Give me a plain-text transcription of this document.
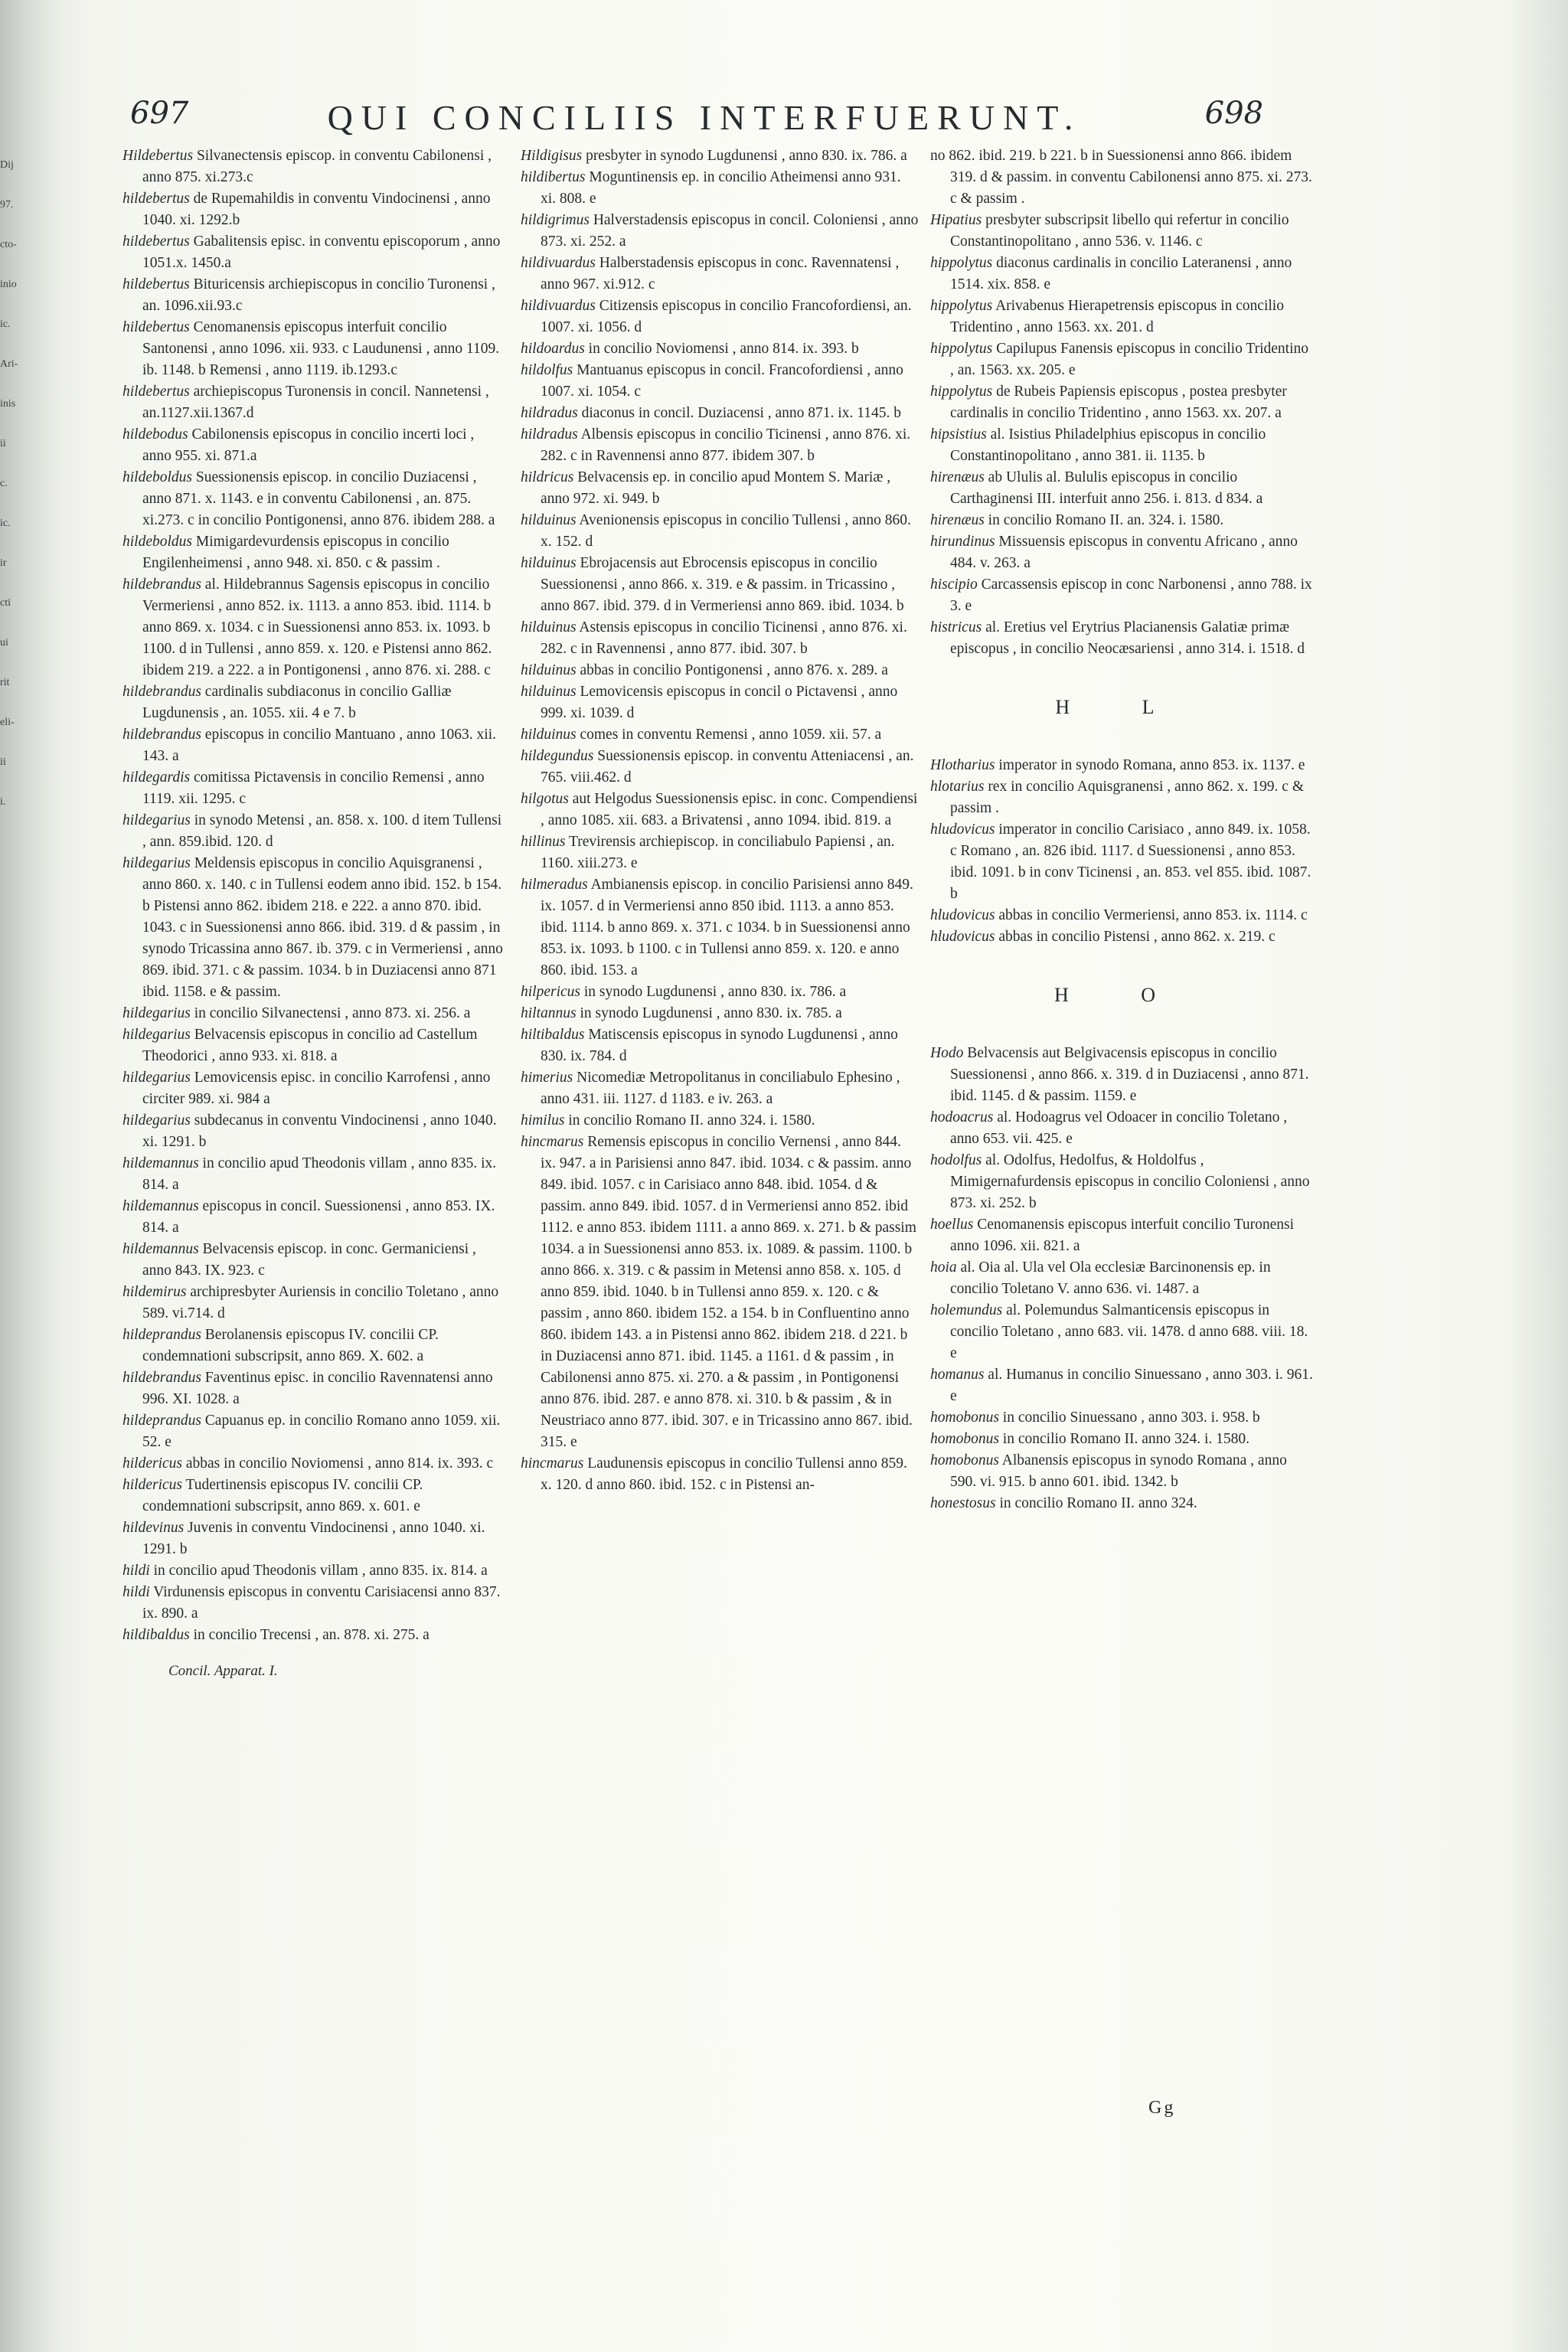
Dij
97.
cto-
inio
ic.
Ari-
inis
ii
c.
ic.
ir
cti
ui
rit
eli-
ii
i.
697	QUI CONCILIIS INTERFUERUNT.	698

Hildebertus Silvanectensis episcop. in conventu Cabilonensi , anno 875. xi.273.c

hildebertus de Rupemahildis in conventu Vindocinensi , anno 1040. xi. 1292.b

hildebertus Gabalitensis episc. in conventu episcoporum , anno 1051.x. 1450.a

hildebertus Bituricensis archiepiscopus in concilio Turonensi , an. 1096.xii.93.c

hildebertus Cenomanensis episcopus interfuit concilio Santonensi , anno 1096. xii. 933. c Laudunensi , anno 1109. ib. 1148. b Remensi , anno 1119. ib.1293.c

hildebertus archiepiscopus Turonensis in concil. Nannetensi , an.1127.xii.1367.d

hildebodus Cabilonensis episcopus in concilio incerti loci , anno 955. xi. 871.a

hildeboldus Suessionensis episcop. in concilio Duziacensi , anno 871. x. 1143. e in conventu Cabilonensi , an. 875. xi.273. c in concilio Pontigonensi, anno 876. ibidem 288. a

hildeboldus Mimigardevurdensis episcopus in concilio Engilenheimensi , anno 948. xi. 850. c & passim .

hildebrandus al. Hildebrannus Sagensis episcopus in concilio Vermeriensi , anno 852. ix. 1113. a anno 853. ibid. 1114. b anno 869. x. 1034. c in Suessionensi anno 853. ix. 1093. b 1100. d in Tullensi , anno 859. x. 120. e Pistensi anno 862. ibidem 219. a 222. a in Pontigonensi , anno 876. xi. 288. c

hildebrandus cardinalis subdiaconus in concilio Galliæ Lugdunensis , an. 1055. xii. 4 e 7. b

hildebrandus episcopus in concilio Mantuano , anno 1063. xii. 143. a

hildegardis comitissa Pictavensis in concilio Remensi , anno 1119. xii. 1295. c

hildegarius in synodo Metensi , an. 858. x. 100. d item Tullensi , ann. 859.ibid. 120. d

hildegarius Meldensis episcopus in concilio Aquisgranensi , anno 860. x. 140. c in Tullensi eodem anno ibid. 152. b 154. b Pistensi anno 862. ibidem 218. e 222. a anno 870. ibid. 1043. c in Suessionensi anno 866. ibid. 319. d & passim , in synodo Tricassina anno 867. ib. 379. c in Vermeriensi , anno 869. ibid. 371. c & passim. 1034. b in Duziacensi anno 871 ibid. 1158. e & passim.

hildegarius in concilio Silvanectensi , anno 873. xi. 256. a

hildegarius Belvacensis episcopus in concilio ad Castellum Theodorici , anno 933. xi. 818. a

hildegarius Lemovicensis episc. in concilio Karrofensi , anno circiter 989. xi. 984 a

hildegarius subdecanus in conventu Vindocinensi , anno 1040. xi. 1291. b

hildemannus in concilio apud Theodonis villam , anno 835. ix. 814. a

hildemannus episcopus in concil. Suessionensi , anno 853. IX. 814. a

hildemannus Belvacensis episcop. in conc. Germaniciensi , anno 843. IX. 923. c

hildemirus archipresbyter Auriensis in concilio Toletano , anno 589. vi.714. d

hildeprandus Berolanensis episcopus IV. concilii CP. condemnationi subscripsit, anno 869. X. 602. a

hildebrandus Faventinus episc. in concilio Ravennatensi anno 996. XI. 1028. a

hildeprandus Capuanus ep. in concilio Romano anno 1059. xii. 52. e

hildericus abbas in concilio Noviomensi , anno 814. ix. 393. c

hildericus Tudertinensis episcopus IV. concilii CP. condemnationi subscripsit, anno 869. x. 601. e

hildevinus Juvenis in conventu Vindocinensi , anno 1040. xi. 1291. b

hildi in concilio apud Theodonis villam , anno 835. ix. 814. a

hildi Virdunensis episcopus in conventu Carisiacensi anno 837. ix. 890. a

hildibaldus in concilio Trecensi , an. 878. xi. 275. a

Concil. Apparat. I.

Hildigisus presbyter in synodo Lugdunensi , anno 830. ix. 786. a

hildibertus Moguntinensis ep. in concilio Atheimensi anno 931. xi. 808. e

hildigrimus Halverstadensis episcopus in concil. Coloniensi , anno 873. xi. 252. a

hildivuardus Halberstadensis episcopus in conc. Ravennatensi , anno 967. xi.912. c

hildivuardus Citizensis episcopus in concilio Francofordiensi, an. 1007. xi. 1056. d

hildoardus in concilio Noviomensi , anno 814. ix. 393. b

hildolfus Mantuanus episcopus in concil. Francofordiensi , anno 1007. xi. 1054. c

hildradus diaconus in concil. Duziacensi , anno 871. ix. 1145. b

hildradus Albensis episcopus in concilio Ticinensi , anno 876. xi. 282. c in Ravennensi anno 877. ibidem 307. b

hildricus Belvacensis ep. in concilio apud Montem S. Mariæ , anno 972. xi. 949. b

hilduinus Avenionensis episcopus in concilio Tullensi , anno 860. x. 152. d

hilduinus Ebrojacensis aut Ebrocensis episcopus in concilio Suessionensi , anno 866. x. 319. e & passim. in Tricassino , anno 867. ibid. 379. d in Vermeriensi anno 869. ibid. 1034. b

hilduinus Astensis episcopus in concilio Ticinensi , anno 876. xi. 282. c in Ravennensi , anno 877. ibid. 307. b

hilduinus abbas in concilio Pontigonensi , anno 876. x. 289. a

hilduinus Lemovicensis episcopus in concil o Pictavensi , anno 999. xi. 1039. d

hilduinus comes in conventu Remensi , anno 1059. xii. 57. a

hildegundus Suessionensis episcop. in conventu Atteniacensi , an. 765. viii.462. d

hilgotus aut Helgodus Suessionensis episc. in conc. Compendiensi , anno 1085. xii. 683. a Brivatensi , anno 1094. ibid. 819. a

hillinus Trevirensis archiepiscop. in conciliabulo Papiensi , an. 1160. xiii.273. e

hilmeradus Ambianensis episcop. in concilio Parisiensi anno 849. ix. 1057. d in Vermeriensi anno 850 ibid. 1113. a anno 853. ibid. 1114. b anno 869. x. 371. c 1034. b in Suessionensi anno 853. ix. 1093. b 1100. c in Tullensi anno 859. x. 120. e anno 860. ibid. 153. a

hilpericus in synodo Lugdunensi , anno 830. ix. 786. a

hiltannus in synodo Lugdunensi , anno 830. ix. 785. a

hiltibaldus Matiscensis episcopus in synodo Lugdunensi , anno 830. ix. 784. d

himerius Nicomediæ Metropolitanus in conciliabulo Ephesino , anno 431. iii. 1127. d 1183. e iv. 263. a

himilus in concilio Romano II. anno 324. i. 1580.

hincmarus Remensis episcopus in concilio Vernensi , anno 844. ix. 947. a in Parisiensi anno 847. ibid. 1034. c & passim. anno 849. ibid. 1057. c in Carisiaco anno 848. ibid. 1054. d & passim. anno 849. ibid. 1057. d in Vermeriensi anno 852. ibid 1112. e anno 853. ibidem 1111. a anno 869. x. 271. b & passim 1034. a in Suessionensi anno 853. ix. 1089. & passim. 1100. b anno 866. x. 319. c & passim in Metensi anno 858. x. 105. d anno 859. ibid. 1040. b in Tullensi anno 859. x. 120. c & passim , anno 860. ibidem 152. a 154. b in Confluentino anno 860. ibidem 143. a in Pistensi anno 862. ibidem 218. d 221. b in Duziacensi anno 871. ibid. 1145. a 1161. d & passim , in Cabilonensi anno 875. xi. 270. a & passim , in Pontigonensi anno 876. ibid. 287. e anno 878. xi. 310. b & passim , & in Neustriaco anno 877. ibid. 307. e in Tricassino anno 867. ibid. 315. e

hincmarus Laudunensis episcopus in concilio Tullensi anno 859. x. 120. d anno 860. ibid. 152. c in Pistensi an-

no 862. ibid. 219. b 221. b in Suessionensi anno 866. ibidem 319. d & passim. in conventu Cabilonensi anno 875. xi. 273. c & passim .

Hipatius presbyter subscripsit libello qui refertur in concilio Constantinopolitano , anno 536. v. 1146. c

hippolytus diaconus cardinalis in concilio Lateranensi , anno 1514. xix. 858. e

hippolytus Arivabenus Hierapetrensis episcopus in concilio Tridentino , anno 1563. xx. 201. d

hippolytus Capilupus Fanensis episcopus in concilio Tridentino , an. 1563. xx. 205. e

hippolytus de Rubeis Papiensis episcopus , postea presbyter cardinalis in concilio Tridentino , anno 1563. xx. 207. a

hipsistius al. Isistius Philadelphius episcopus in concilio Constantinopolitano , anno 381. ii. 1135. b

hirenæus ab Ululis al. Bululis episcopus in concilio Carthaginensi III. interfuit anno 256. i. 813. d 834. a

hirenæus in concilio Romano II. an. 324. i. 1580.

hirundinus Missuensis episcopus in conventu Africano , anno 484. v. 263. a

hiscipio Carcassensis episcop in conc Narbonensi , anno 788. ix 3. e

histricus al. Eretius vel Erytrius Placianensis Galatiæ primæ episcopus , in concilio Neocæsariensi , anno 314. i. 1518. d

H L

Hlotharius imperator in synodo Romana, anno 853. ix. 1137. e

hlotarius rex in concilio Aquisgranensi , anno 862. x. 199. c & passim .

hludovicus imperator in concilio Carisiaco , anno 849. ix. 1058. c Romano , an. 826 ibid. 1117. d Suessionensi , anno 853. ibid. 1091. b in conv Ticinensi , an. 853. vel 855. ibid. 1087. b

hludovicus abbas in concilio Vermeriensi, anno 853. ix. 1114. c

hludovicus abbas in concilio Pistensi , anno 862. x. 219. c

H O

Hodo Belvacensis aut Belgivacensis episcopus in concilio Suessionensi , anno 866. x. 319. d in Duziacensi , anno 871. ibid. 1145. d & passim. 1159. e

hodoacrus al. Hodoagrus vel Odoacer in concilio Toletano , anno 653. vii. 425. e

hodolfus al. Odolfus, Hedolfus, & Holdolfus , Mimigernafurdensis episcopus in concilio Coloniensi , anno 873. xi. 252. b

hoellus Cenomanensis episcopus interfuit concilio Turonensi anno 1096. xii. 821. a

hoia al. Oia al. Ula vel Ola ecclesiæ Barcinonensis ep. in concilio Toletano V. anno 636. vi. 1487. a

holemundus al. Polemundus Salmanticensis episcopus in concilio Toletano , anno 683. vii. 1478. d anno 688. viii. 18. e

homanus al. Humanus in concilio Sinuessano , anno 303. i. 961. e

homobonus in concilio Sinuessano , anno 303. i. 958. b

homobonus in concilio Romano II. anno 324. i. 1580.

homobonus Albanensis episcopus in synodo Romana , anno 590. vi. 915. b anno 601. ibid. 1342. b

honestosus in concilio Romano II. anno 324.

Gg
